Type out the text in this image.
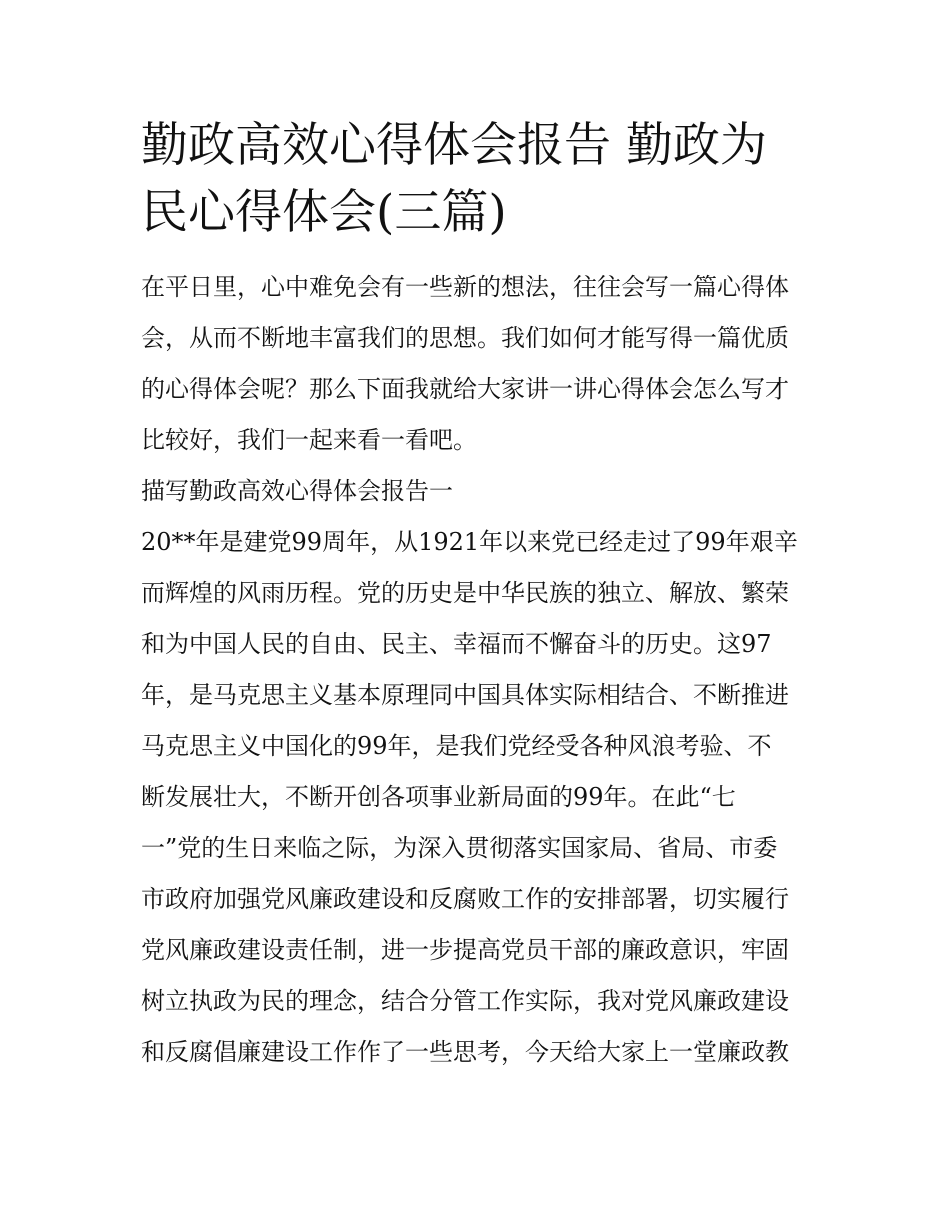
勤政高效心得体会报告 勤政为
民心得体会(三篇)
在平日里，心中难免会有一些新的想法，往往会写一篇心得体
会，从而不断地丰富我们的思想。我们如何才能写得一篇优质
的心得体会呢？那么下面我就给大家讲一讲心得体会怎么写才
比较好，我们一起来看一看吧。
描写勤政高效心得体会报告一
20**年是建党99周年，从1921年以来党已经走过了99年艰辛
而辉煌的风雨历程。党的历史是中华民族的独立、解放、繁荣
和为中国人民的自由、民主、幸福而不懈奋斗的历史。这97
年，是马克思主义基本原理同中国具体实际相结合、不断推进
马克思主义中国化的99年，是我们党经受各种风浪考验、不
断发展壮大，不断开创各项事业新局面的99年。在此“七
一”党的生日来临之际，为深入贯彻落实国家局、省局、市委
市政府加强党风廉政建设和反腐败工作的安排部署，切实履行
党风廉政建设责任制，进一步提高党员干部的廉政意识，牢固
树立执政为民的理念，结合分管工作实际，我对党风廉政建设
和反腐倡廉建设工作作了一些思考，今天给大家上一堂廉政教
